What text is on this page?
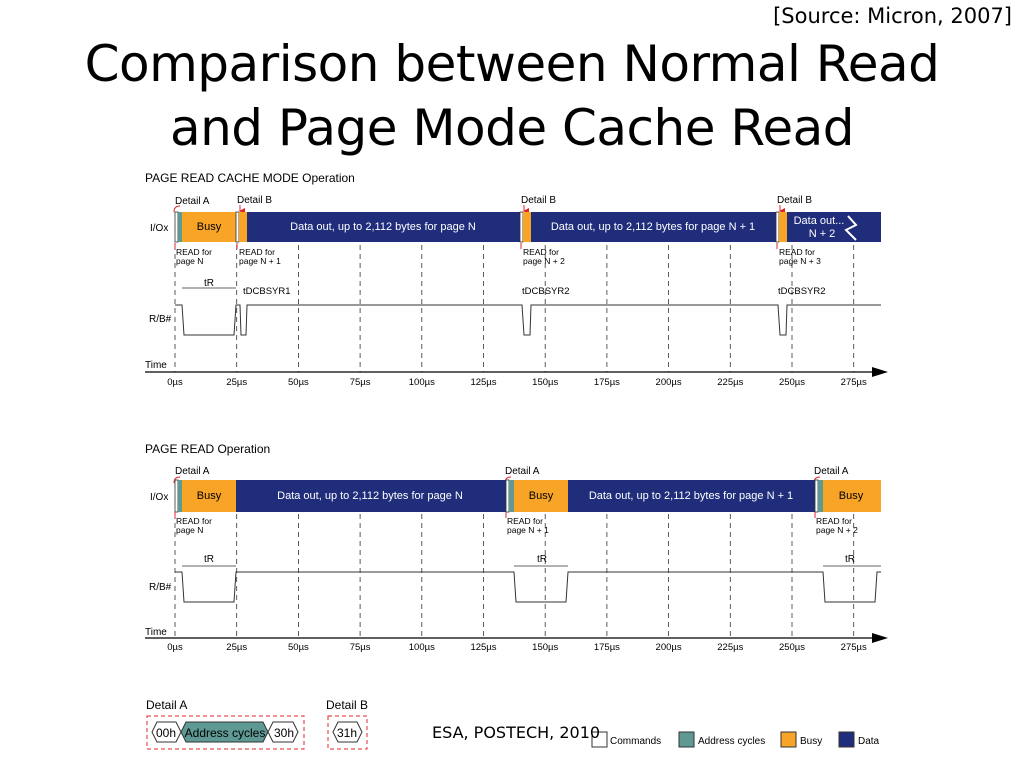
[Source: Micron, 2007]
Comparison between Normal Read
and Page Mode Cache Read
PAGE READ CACHE MODE Operation
Detail A	Detail B	Detail B	Detail B
I/Ox	Busy	Data out, up to 2,112 bytes for page N	Data out, up to 2,112 bytes for page N + 1	Data out...
N + 2
READ for
page N
READ for
page N + 1
READ for
page N + 2
READ for
page N + 3
tR
tDCBSYR1	tDCBSYR2	tDCBSYR2
R/B#
Time
0µs	25µs	50µs	75µs	100µs	125µs	150µs	175µs	200µs	225µs	250µs	275µs
PAGE READ Operation
Detail A	Detail A	Detail A
I/Ox	Busy	Data out, up to 2,112 bytes for page N	Busy	Data out, up to 2,112 bytes for page N + 1	Busy
READ for
page N
READ for
page N + 1
READ for
page N + 2
tR	tR	tR
R/B#
Time
0µs	25µs	50µs	75µs	100µs	125µs	150µs	175µs	200µs	225µs	250µs	275µs
Detail A
00h Address cycles 30h
Detail B
31h
Commands	Address cycles	Busy	Data
ESA, POSTECH, 2010
